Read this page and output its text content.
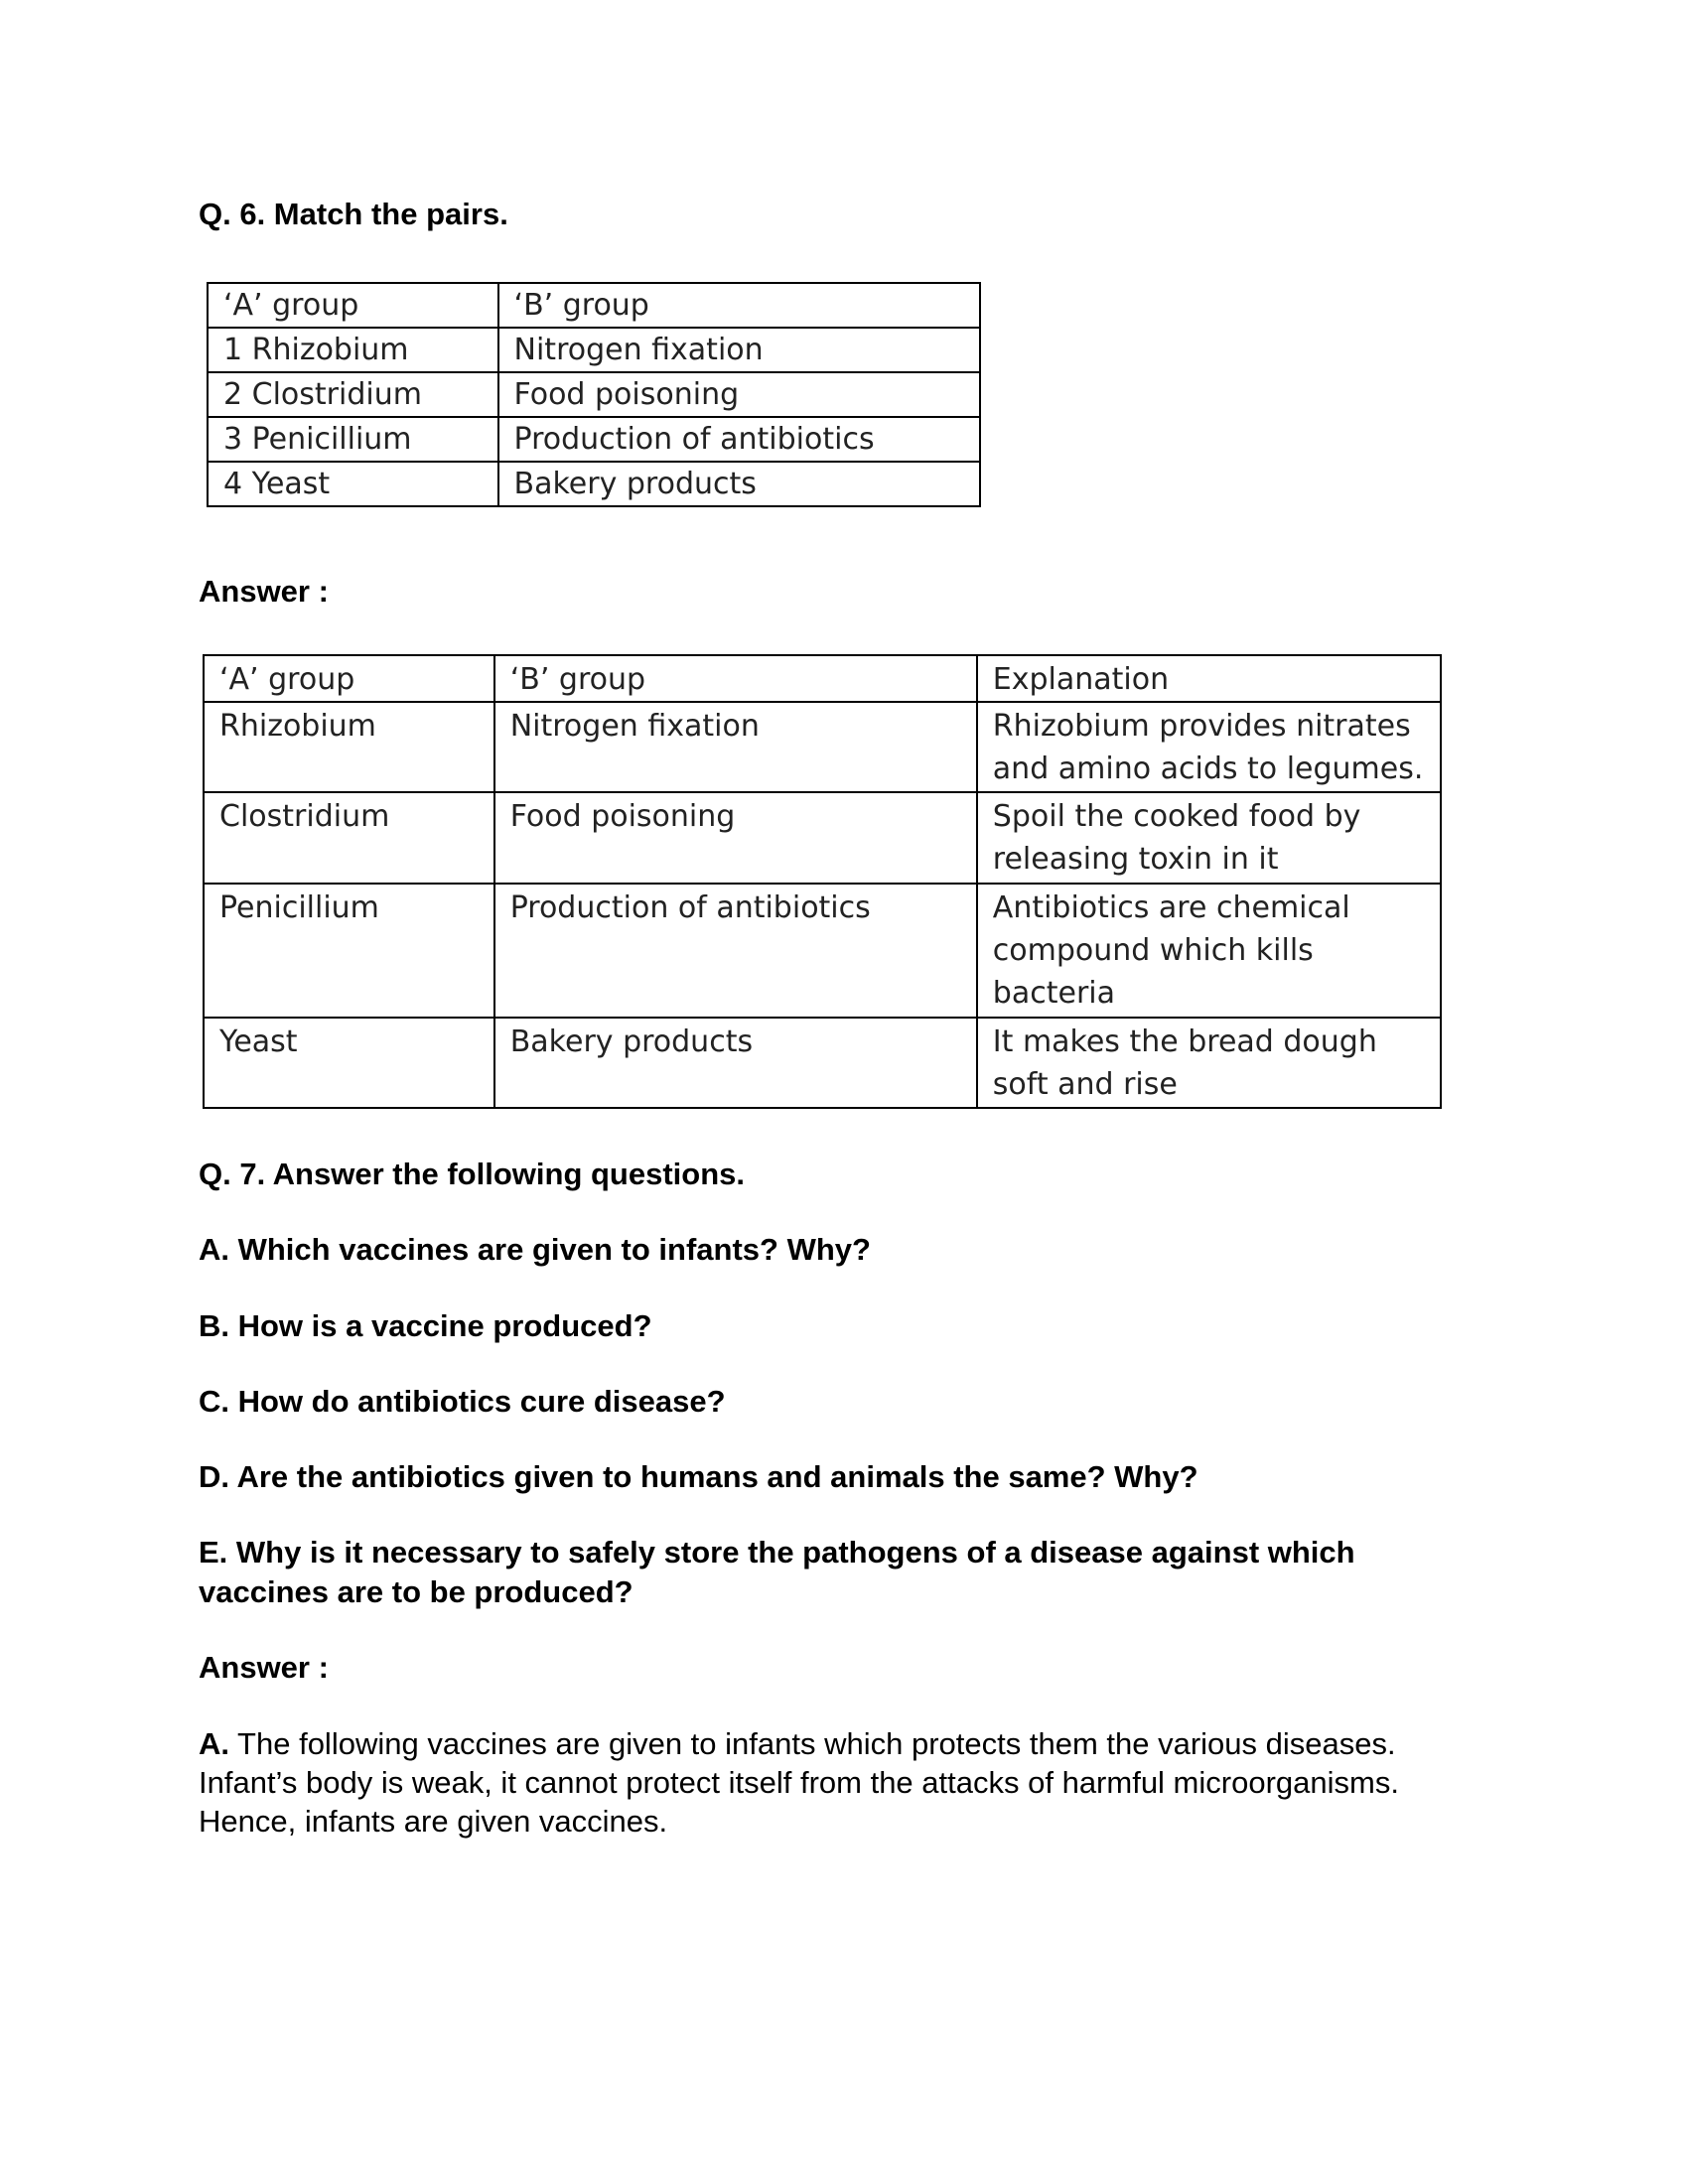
Q. 6. Match the pairs.
‘A’ group	‘B’ group
1 Rhizobium	Nitrogen fixation
2 Clostridium	Food poisoning
3 Penicillium	Production of antibiotics
4 Yeast	Bakery products
Answer :
‘A’ group	‘B’ group	Explanation
Rhizobium	Nitrogen fixation	Rhizobium provides nitrates and amino acids to legumes.
Clostridium	Food poisoning	Spoil the cooked food by releasing toxin in it
Penicillium	Production of antibiotics	Antibiotics are chemical compound which kills bacteria
Yeast	Bakery products	It makes the bread dough soft and rise
Q. 7. Answer the following questions.
A. Which vaccines are given to infants? Why?
B. How is a vaccine produced?
C. How do antibiotics cure disease?
D. Are the antibiotics given to humans and animals the same? Why?
E. Why is it necessary to safely store the pathogens of a disease against which vaccines are to be produced?
Answer :
A. The following vaccines are given to infants which protects them the various diseases. Infant’s body is weak, it cannot protect itself from the attacks of harmful microorganisms. Hence, infants are given vaccines.
